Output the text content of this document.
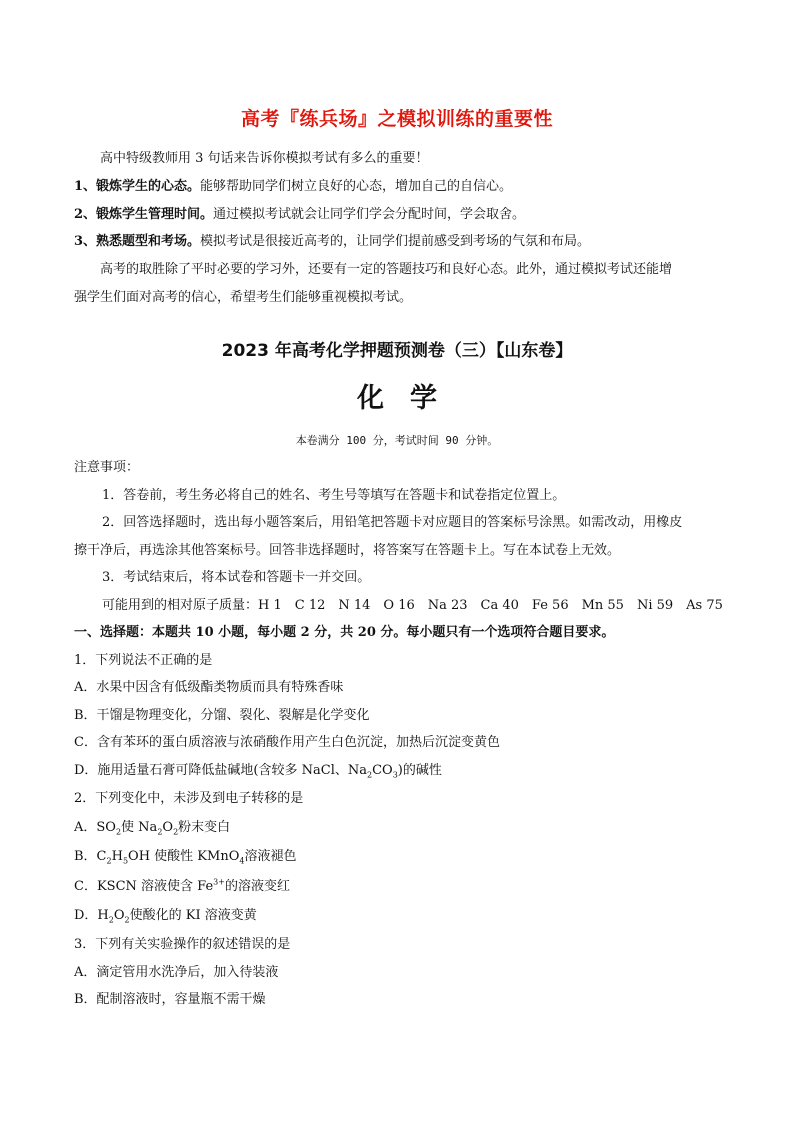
高考『练兵场』之模拟训练的重要性
高中特级教师用 3 句话来告诉你模拟考试有多么的重要！
1、锻炼学生的心态。能够帮助同学们树立良好的心态，增加自己的自信心。
2、锻炼学生管理时间。通过模拟考试就会让同学们学会分配时间，学会取舍。
3、熟悉题型和考场。模拟考试是很接近高考的，让同学们提前感受到考场的气氛和布局。
高考的取胜除了平时必要的学习外，还要有一定的答题技巧和良好心态。此外，通过模拟考试还能增
强学生们面对高考的信心，希望考生们能够重视模拟考试。
2023 年高考化学押题预测卷（三）【山东卷】
化学
本卷满分 100 分，考试时间 90 分钟。
注意事项：
1．答卷前，考生务必将自己的姓名、考生号等填写在答题卡和试卷指定位置上。
2．回答选择题时，选出每小题答案后，用铅笔把答题卡对应题目的答案标号涂黑。如需改动，用橡皮
擦干净后，再选涂其他答案标号。回答非选择题时，将答案写在答题卡上。写在本试卷上无效。
3．考试结束后，将本试卷和答题卡一并交回。
可能用到的相对原子质量：H 1　C 12　N 14　O 16　Na 23　Ca 40　Fe 56　Mn 55　Ni 59　As 75
一、选择题：本题共 10 小题，每小题 2 分，共 20 分。每小题只有一个选项符合题目要求。
1．下列说法不正确的是
A．水果中因含有低级酯类物质而具有特殊香味
B．干馏是物理变化，分馏、裂化、裂解是化学变化
C．含有苯环的蛋白质溶液与浓硝酸作用产生白色沉淀，加热后沉淀变黄色
D．施用适量石膏可降低盐碱地(含较多 NaCl、$Na_2CO_3$)的碱性
2．下列变化中，未涉及到电子转移的是
A．$SO_2$使 $Na_2O_2$粉末变白
B．$C_2H_5OH$ 使酸性 KMnO$_4$溶液褪色
C．KSCN 溶液使含 $Fe^{3+}$的溶液变红
D．$H_2O_2$使酸化的 KI 溶液变黄
3．下列有关实验操作的叙述错误的是
A．滴定管用水洗净后，加入待装液
B．配制溶液时，容量瓶不需干燥
